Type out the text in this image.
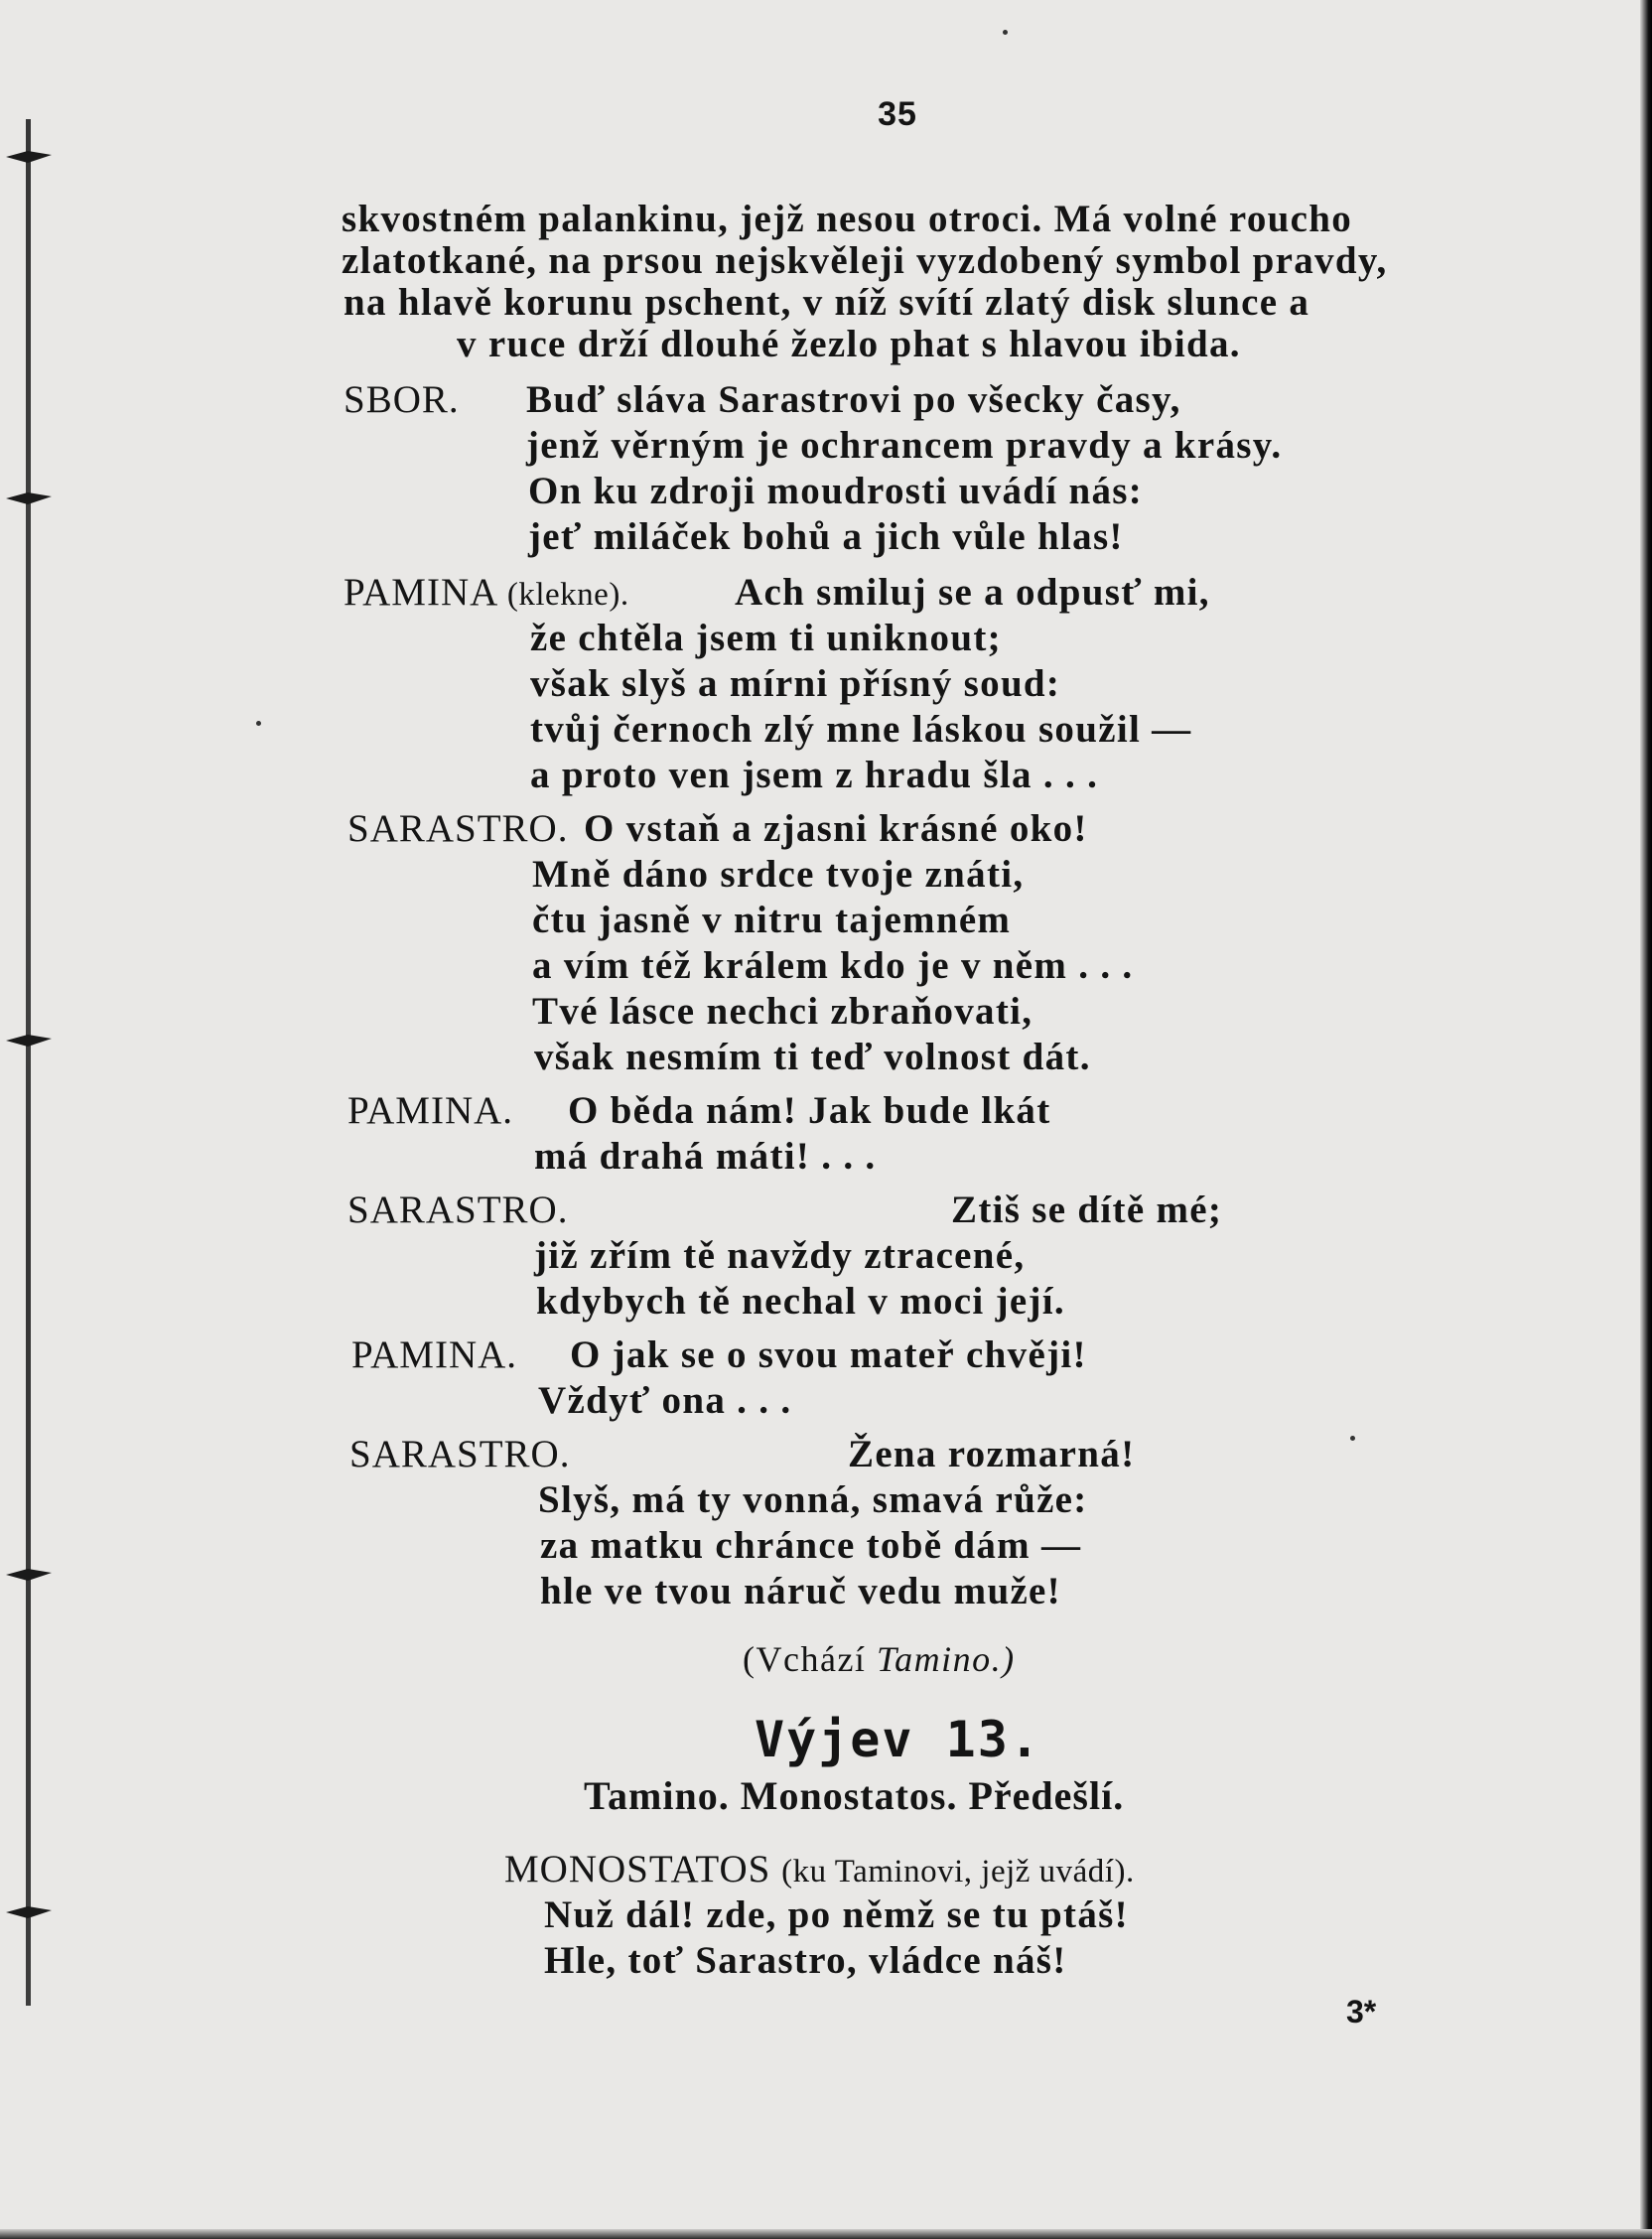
35
skvostném palankinu, jejž nesou otroci. Má volné roucho
zlatotkané, na prsou nejskvěleji vyzdobený symbol pravdy,
na hlavě korunu pschent, v níž svítí zlatý disk slunce a
v ruce drží dlouhé žezlo phat s hlavou ibida.
SBOR. Buď sláva Sarastrovi po všecky časy,
jenž věrným je ochrancem pravdy a krásy.
On ku zdroji moudrosti uvádí nás:
jeť miláček bohů a jich vůle hlas!
PAMINA (klekne).	Ach smiluj se a odpusť mi,
že chtěla jsem ti uniknout;
však slyš a mírni přísný soud:
tvůj černoch zlý mne láskou soužil —
a proto ven jsem z hradu šla . . .
SARASTRO. O vstaň a zjasni krásné oko!
Mně dáno srdce tvoje znáti,
čtu jasně v nitru tajemném
a vím též králem kdo je v něm . . .
Tvé lásce nechci zbraňovati,
však nesmím ti teď volnost dát.
PAMINA. O běda nám! Jak bude lkát
má drahá máti! . . .
SARASTRO.	Ztiš se dítě mé;
již zřím tě navždy ztracené,
kdybych tě nechal v moci její.
PAMINA. O jak se o svou mateř chvěji!
Vždyť ona . . .
SARASTRO.	Žena rozmarná!
Slyš, má ty vonná, smavá růže:
za matku chránce tobě dám —
hle ve tvou náruč vedu muže!
(Vchází Tamino.)
Výjev 13.
Tamino. Monostatos. Předešlí.
MONOSTATOS (ku Taminovi, jejž uvádí).
Nuž dál! zde, po němž se tu ptáš!
Hle, toť Sarastro, vládce náš!
3*
